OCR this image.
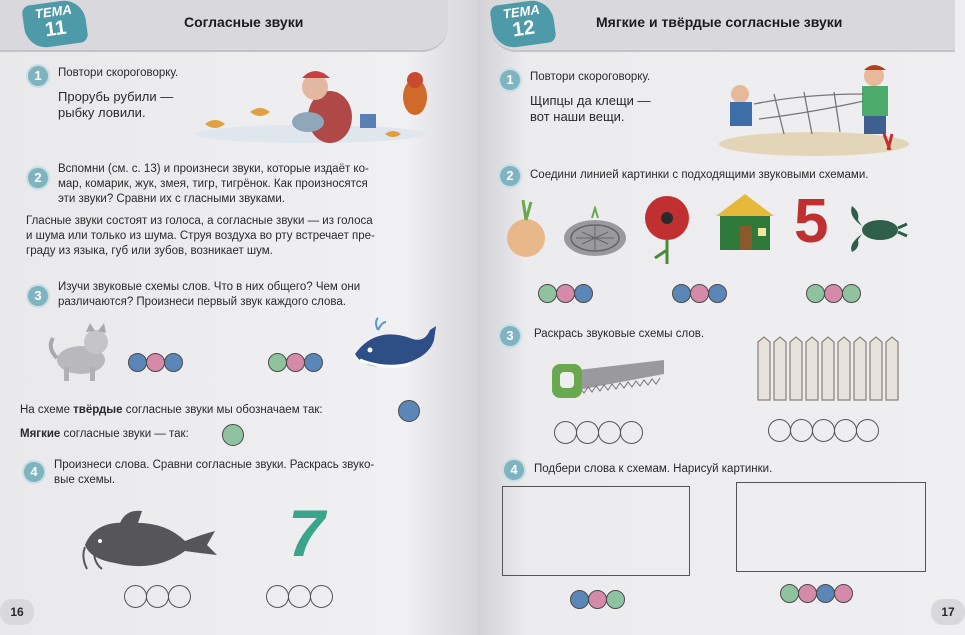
ТЕМА
11	Согласные звуки
1	Повтори скороговорку.
Прорубь рубили —
рыбку ловили.
2
Вспомни (см. с. 13) и произнеси звуки, которые издаёт ко-
мар, комарик, жук, змея, тигр, тигрёнок. Как произносятся
эти звуки? Сравни их с гласными звуками.
Гласные звуки состоят из голоса, а согласные звуки — из голоса
и шума или только из шума. Струя воздуха во рту встречает пре-
граду из языка, губ или зубов, возникает шум.
3
Изучи звуковые схемы слов. Что в них общего? Чем они
различаются? Произнеси первый звук каждого слова.
На схеме твёрдые согласные звуки мы обозначаем так:
Мягкие согласные звуки — так:
4	Произнеси слова. Сравни согласные звуки. Раскрась звуко-
вые схемы.
7
16
ТЕМА
12	Мягкие и твёрдые согласные звуки
1	Повтори скороговорку.
Щипцы да клещи —
вот наши вещи.
2	Соедини линией картинки с подходящими звуковыми схемами.
5
3	Раскрась звуковые схемы слов.
4	Подбери слова к схемам. Нарисуй картинки.
17
